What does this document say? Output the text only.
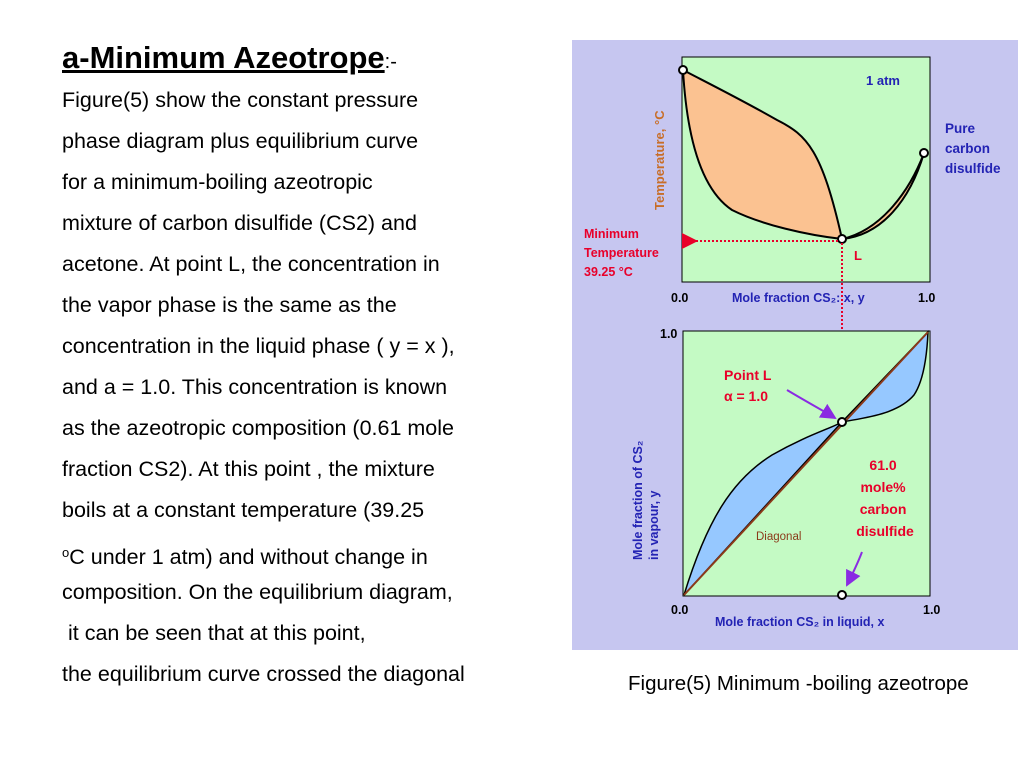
a-Minimum Azeotrope:-
Figure(5) show the constant pressure
phase diagram plus equilibrium curve
for a minimum-boiling azeotropic
mixture of carbon disulfide (CS2) and
acetone. At point L, the concentration in
the vapor phase is the same as the
concentration in the liquid phase ( y = x ),
and a = 1.0. This concentration is known
as the azeotropic composition (0.61 mole
fraction CS2). At this point , the mixture
boils at a constant temperature (39.25
$^o$C under 1 atm) and without change in
composition. On the equilibrium diagram,
it can be seen that at this point,
the equilibrium curve crossed the diagonal
1 atm
Temperature, °C
Mole fraction CS₂: x, y
0.0	1.0
Pure carbon disulfide
Minimum Temperature 39.25 °C
L
1.0
0.0	1.0
Mole fraction CS₂ in liquid, x
Mole fraction of CS₂ in vapour, y
Point L α = 1.0
Diagonal
61.0 mole% carbon disulfide
Figure(5) Minimum -boiling azeotrope
